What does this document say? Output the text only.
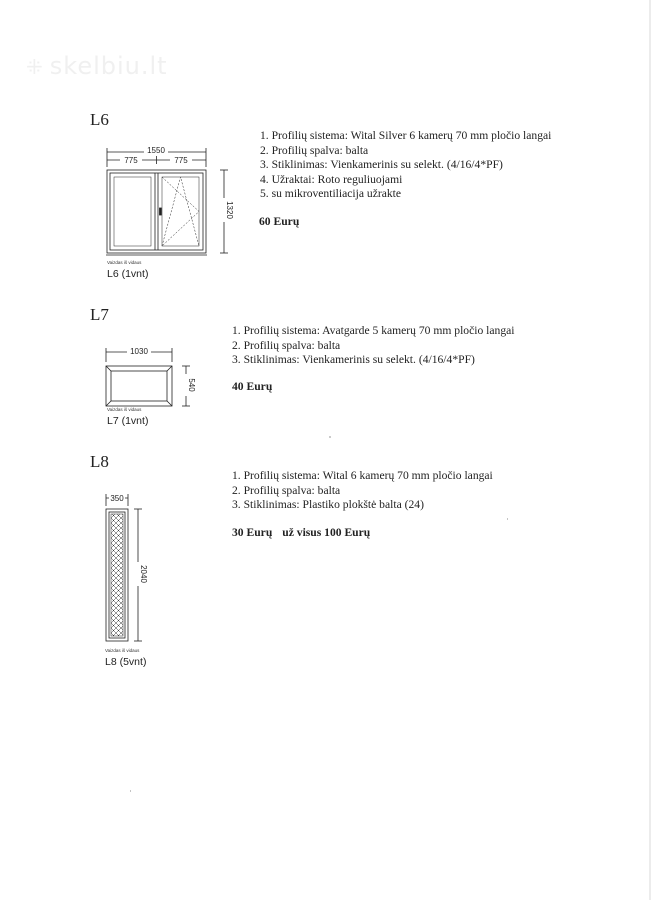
⁜ skelbiu.lt
L6
1550
775	775
1320
Vaizdas iš vidaus
L6 (1vnt)
1. Profilių sistema: Wital Silver 6 kamerų 70 mm pločio langai
2. Profilių spalva: balta
3. Stiklinimas: Vienkamerinis su selekt. (4/16/4*PF)
4. Užraktai: Roto reguliuojami
5. su mikroventiliacija užrakte
60 Eurų
L7
1030
540
Vaizdas iš vidaus
L7 (1vnt)
1. Profilių sistema: Avatgarde 5 kamerų 70 mm pločio langai
2. Profilių spalva: balta
3. Stiklinimas: Vienkamerinis su selekt. (4/16/4*PF)
40 Eurų
L8
350
2040
Vaizdas iš vidaus
L8 (5vnt)
1. Profilių sistema: Wital 6 kamerų 70 mm pločio langai
2. Profilių spalva: balta
3. Stiklinimas: Plastiko plokštė balta (24)
30 Eurų už visus 100 Eurų
